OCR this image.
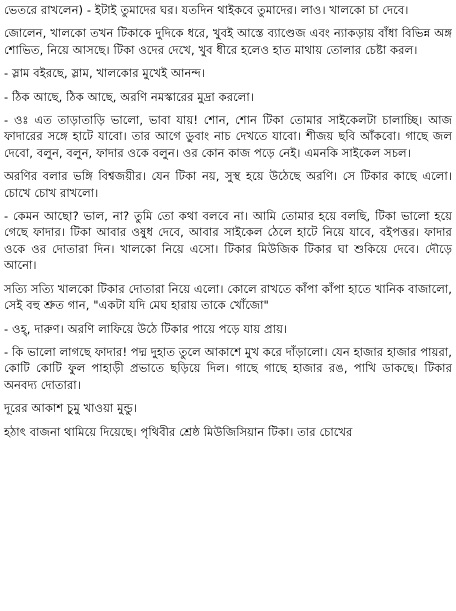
ভেতরে রাখলেন) - ইটাই তুমাদের ঘর। যতদিন থাইকবে তুমাদের। লাও। খালকো চা দেবে।

জোলেন, খালকো তখন টিকাকে দুদিকে ধরে, খুবই আস্তে ব্যাণ্ডেজ এবং ন্যাকড়ায় বাঁধা বিভিন্ন অঙ্গ শোভিত, নিয়ে আসছে। টিকা ওদের দেখে, খুব ধীরে হলেও হাত মাথায় তোলার চেষ্টা করল।

- স্লাম বইরছে, স্লাম, খালকোর মুখেই আনন্দ।

- ঠিক আছে, ঠিক আছে, অরণি নমস্কারের মুদ্রা করলো।

- ওঃ এত তাড়াতাড়ি ভালো, ভাবা যায়! শোন, শোন টিকা তোমার সাইকেলটা চালাচ্ছি। আজ ফাদারের সঙ্গে হাটে যাবো। তার আগে ডুবাং নাচ দেখতে যাবো। শীজয় ছবি আঁকবো। গাছে জল দেবো, বলুন, বলুন, ফাদার ওকে বলুন। ওর কোন কাজ পড়ে নেই। এমনকি সাইকেল সচল।

অরণির বলার ভঙ্গি বিশ্বজয়ীর। যেন টিকা নয়, সুস্থ হয়ে উঠেছে অরণি। সে টিকার কাছে এলো। চোখে চোখ রাখলো।

- কেমন আছো? ভাল, না? তুমি তো কথা বলবে না। আমি তোমার হয়ে বলছি, টিকা ভালো হয়ে গেছে ফাদার। টিকা আবার ওষুধ দেবে, আবার সাইকেল ঠেলে হাটে নিয়ে যাবে, বইপত্তর। ফাদার ওকে ওর দোতারা দিন। খালকো নিয়ে এসো। টিকার মিউজিক টিকার ঘা শুকিয়ে দেবে। দৌড়ে আনো।

সত্যি সত্যি খালকো টিকার দোতারা নিয়ে এলো। কোলে রাখতে কাঁপা কাঁপা হাতে খানিক বাজালো, সেই বহু শ্রুত গান, "একটা যদি মেঘ হারায় তাকে খোঁজো"

- ওহ্, দারুণ। অরণি লাফিয়ে উঠে টিকার পায়ে পড়ে যায় প্রায়।

- কি ভালো লাগছে ফাদার! পদ্ম দুহাত তুলে আকাশে মুখ করে দাঁড়ালো। যেন হাজার হাজার পায়রা, কোটি কোটি ফুল পাহাড়ী প্রভাতে ছড়িয়ে দিল। গাছে গাছে হাজার রঙ, পাখি ডাকছে। টিকার অনবদ্য দোতারা।

দূরের আকাশ চুমু খাওয়া মুন্ডু।

হঠাৎ বাজনা থামিয়ে দিয়েছে। পৃথিবীর শ্রেষ্ঠ মিউজিসিয়ান টিকা। তার চোখের
